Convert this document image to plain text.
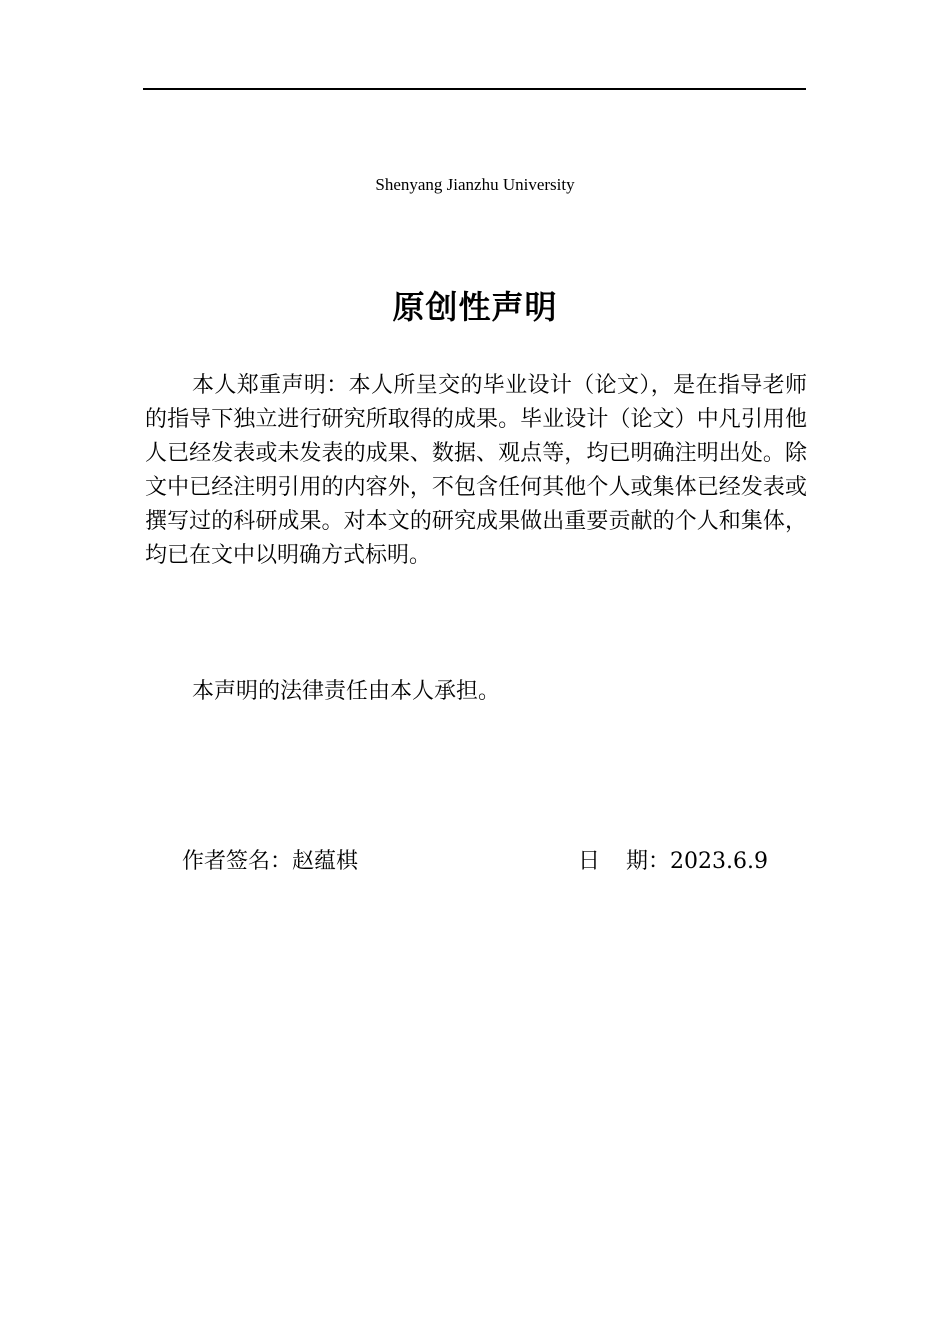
Shenyang Jianzhu University
原创性声明

本人郑重声明：本人所呈交的毕业设计（论文），是在指导老师的指导下独立进行研究所取得的成果。毕业设计（论文）中凡引用他人已经发表或未发表的成果、数据、观点等，均已明确注明出处。除文中已经注明引用的内容外，不包含任何其他个人或集体已经发表或撰写过的科研成果。对本文的研究成果做出重要贡献的个人和集体，均已在文中以明确方式标明。

本声明的法律责任由本人承担。

作者签名：赵蕴棋	日 期：2023.6.9
